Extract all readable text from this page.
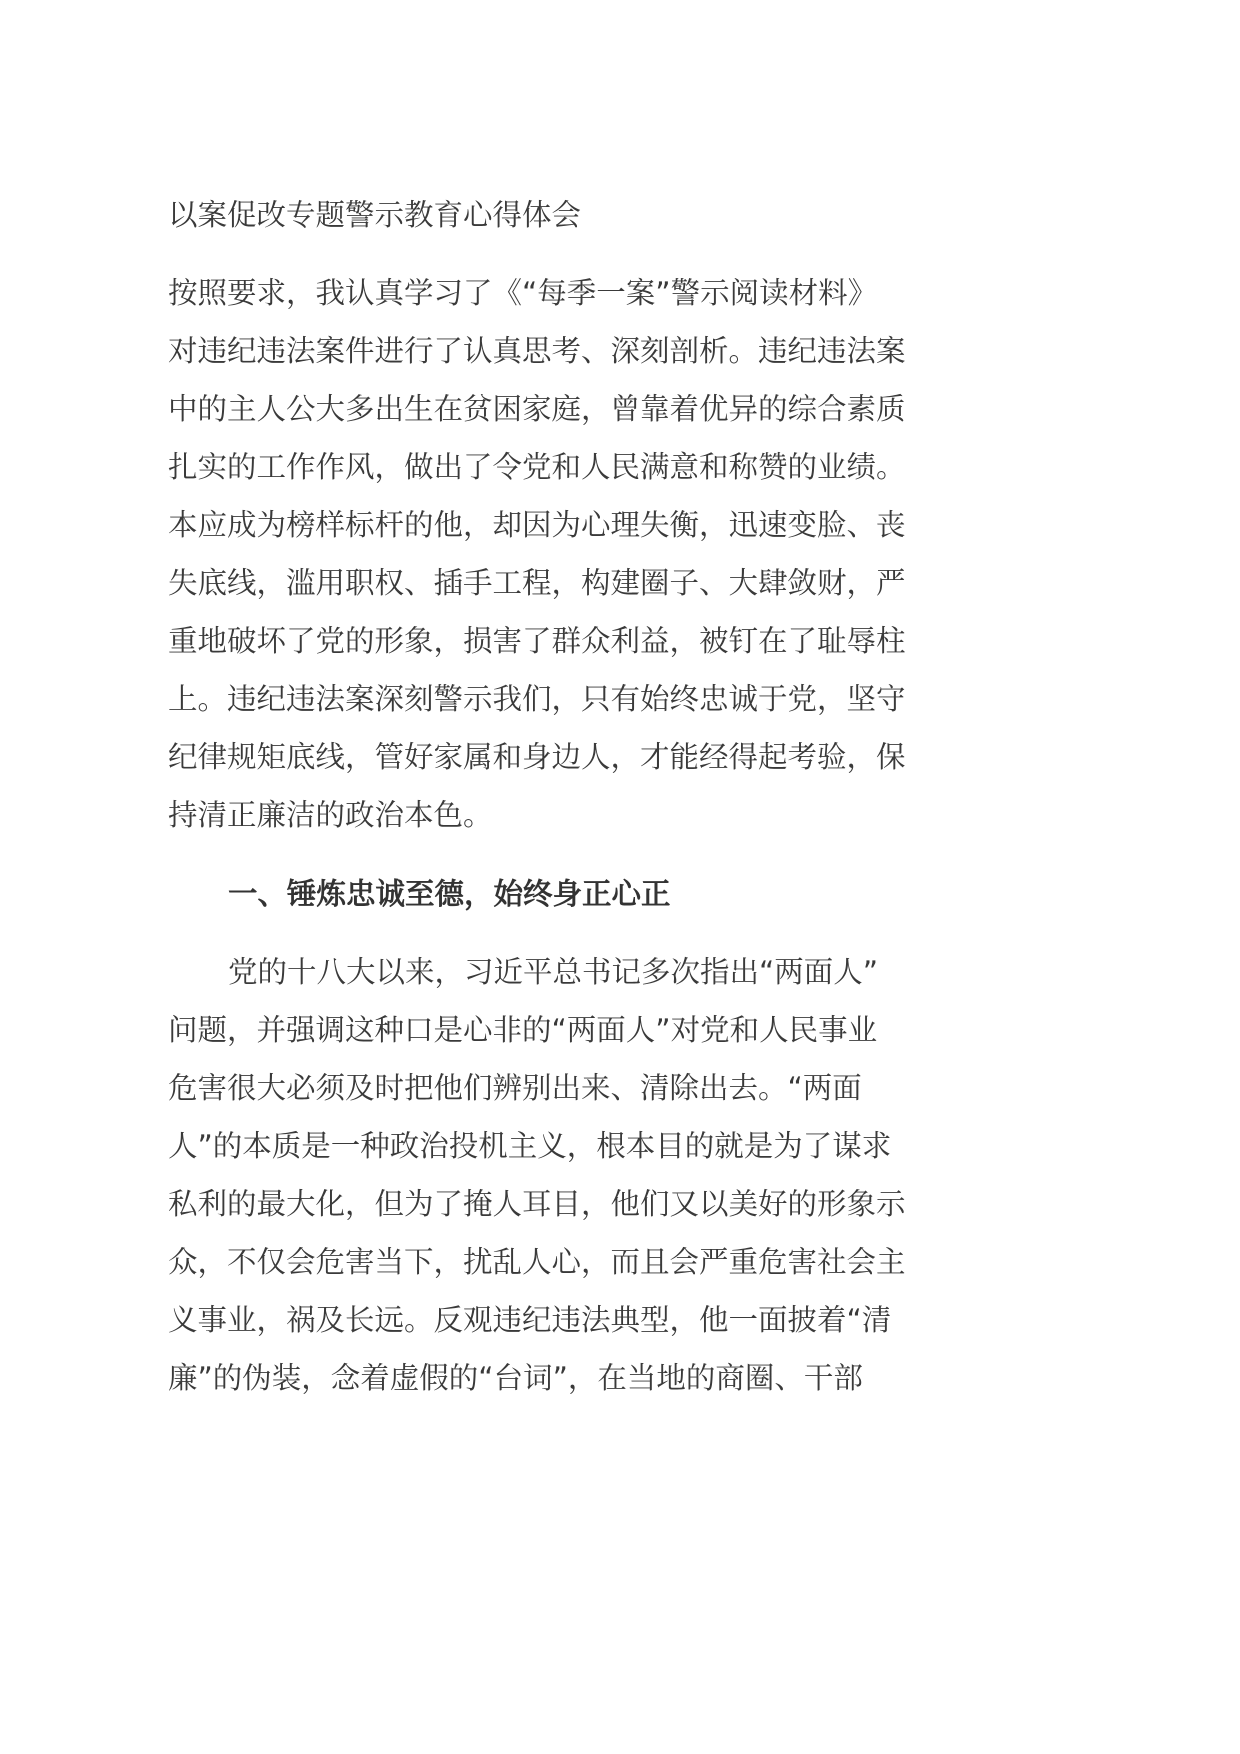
以案促改专题警示教育心得体会
按照要求，我认真学习了《“每季一案”警示阅读材料》
对违纪违法案件进行了认真思考、深刻剖析。违纪违法案
中的主人公大多出生在贫困家庭，曾靠着优异的综合素质
扎实的工作作风，做出了令党和人民满意和称赞的业绩。
本应成为榜样标杆的他，却因为心理失衡，迅速变脸、丧
失底线，滥用职权、插手工程，构建圈子、大肆敛财，严
重地破坏了党的形象，损害了群众利益，被钉在了耻辱柱
上。违纪违法案深刻警示我们，只有始终忠诚于党，坚守
纪律规矩底线，管好家属和身边人，才能经得起考验，保
持清正廉洁的政治本色。
一、锤炼忠诚至德，始终身正心正
党的十八大以来，习近平总书记多次指出“两面人”
问题，并强调这种口是心非的“两面人”对党和人民事业
危害很大必须及时把他们辨别出来、清除出去。“两面
人”的本质是一种政治投机主义，根本目的就是为了谋求
私利的最大化，但为了掩人耳目，他们又以美好的形象示
众，不仅会危害当下，扰乱人心，而且会严重危害社会主
义事业，祸及长远。反观违纪违法典型，他一面披着“清
廉”的伪装，念着虚假的“台词”，在当地的商圈、干部
